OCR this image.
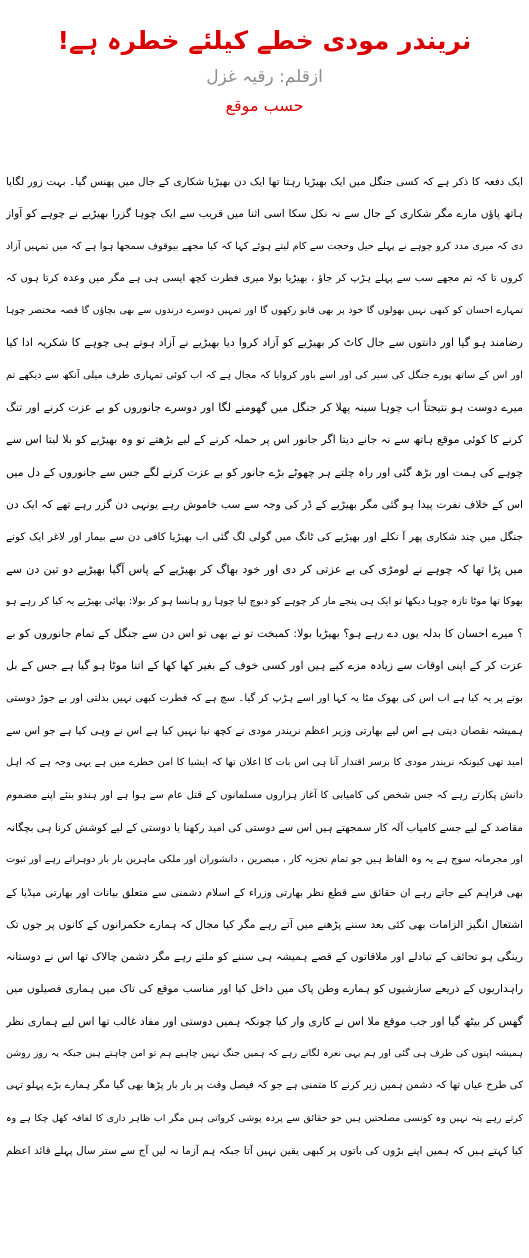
نریندر مودی خطے کیلئے خطرہ ہے!
ازقلم: رقیہ غزل
حسب موقع
ایک دفعہ کا ذکر ہے کہ کسی جنگل میں ایک بھیڑیا رہتا تھا ایک دن بھیڑیا شکاری کے جال میں پھنس گیا۔ بہت زور لگایا
ہاتھ پاؤں مارے مگر شکاری کے جال سے نہ نکل سکا اسی اثنا میں قریب سے ایک چوہا گزرا بھیڑیے نے چوہے کو آواز
دی کہ میری مدد کرو چوہے نے پہلے حیل وحجت سے کام لیتے ہوئے کہا کہ کیا مجھے بیوقوف سمجھا ہوا ہے کہ میں تمہیں آزاد
کروں تا کہ تم مجھے سب سے پہلے ہڑپ کر جاؤ ، بھیڑیا بولا میری فطرت کچھ ایسی ہی ہے مگر میں وعدہ کرتا ہوں کہ
تمہارے احسان کو کبھی نہیں بھولوں گا خود پر بھی قابو رکھوں گا اور تمہیں دوسرے درندوں سے بھی بچاؤں گا قصہ مختصر چوہا
رضامند ہو گیا اور دانتوں سے جال کاٹ کر بھیڑیے کو آزاد کروا دیا بھیڑیے نے آزاد ہوتے ہی چوہے کا شکریہ ادا کیا
اور اس کے ساتھ پورے جنگل کی سیر کی اور اسے باور کروایا کہ مجال ہے کہ اب کوئی تمہاری طرف میلی آنکھ سے دیکھے تم
میرے دوست ہو نتیجتاً اب چوہا سینہ پھلا کر جنگل میں گھومنے لگا اور دوسرے جانوروں کو بے عزت کرنے اور تنگ
کرنے کا کوئی موقع ہاتھ سے نہ جانے دیتا اگر جانور اس پر حملہ کرنے کے لیے بڑھتے تو وہ بھیڑیے کو بلا لیتا اس سے
چوہے کی ہمت اور بڑھ گئی اور راہ چلتے ہر چھوٹے بڑے جانور کو بے عزت کرنے لگے جس سے جانوروں کے دل میں
اس کے خلاف نفرت پیدا ہو گئی مگر بھیڑیے کے ڈر کی وجہ سے سب خاموش رہے یونہی دن گزر رہے تھے کہ ایک دن
جنگل میں چند شکاری پھر آ نکلے اور بھیڑیے کی ٹانگ میں گولی لگ گئی اب بھیڑیا کافی دن سے بیمار اور لاغر ایک کونے
میں پڑا تھا کہ چوہے نے لومڑی کی بے عزتی کر دی اور خود بھاگ کر بھیڑیے کے پاس آگیا بھیڑیے دو تین دن سے
بھوکا تھا موٹا تازہ چوہا دیکھا تو ایک ہی پنجے مار کر چوہے کو دبوچ لیا چوہا رو ہانسا ہو کر بولا: بھائی بھیڑیے یہ کیا کر رہے ہو
؟ میرے احسان کا بدلہ یوں دے رہے ہو؟ بھیڑیا بولا: کمبخت تو نے بھی تو اس دن سے جنگل کے تمام جانوروں کو بے
عزت کر کے اپنی اوقات سے زیادہ مزے کیے ہیں اور کسی خوف کے بغیر کھا کھا کے اتنا موٹا ہو گیا ہے جس کے بل
بوتے پر یہ کیا ہے اب اس کی بھوک مٹا یہ کہا اور اسے ہڑپ کر گیا۔ سچ ہے کہ فطرت کبھی نہیں بدلتی اور بے جوڑ دوستی
ہمیشہ نقصان دیتی ہے اس لیے بھارتی وزیر اعظم نریندر مودی نے کچھ نیا نہیں کیا ہے اس نے وہی کیا ہے جو اس سے
امید تھی کیونکہ نریندر مودی کا برسر اقتدار آنا ہی اس بات کا اعلان تھا کہ ایشیا کا امن خطرے میں ہے یہی وجہ ہے کہ اہل
دانش پکارتے رہے کہ جس شخص کی کامیابی کا آغاز ہزاروں مسلمانوں کے قتل عام سے ہوا ہے اور ہندو بنئے اپنے مضموم
مقاصد کے لیے جسے کامیاب آلہ کار سمجھتے ہیں اس سے دوستی کی امید رکھنا یا دوستی کے لیے کوشش کرنا ہی بچگانہ
اور مجرمانہ سوچ ہے یہ وہ الفاظ ہیں جو تمام تجزیہ کار ، مبصرین ، دانشوران اور ملکی ماہرین بار بار دوہراتے رہے اور ثبوت
بھی فراہم کیے جاتے رہے ان حقائق سے قطع نظر بھارتی وزراء کے اسلام دشمنی سے متعلق بیانات اور بھارتی میڈیا کے
اشتعال انگیز الزامات بھی کئی بعد سننے پڑھنے میں آتے رہے مگر کیا مجال کہ ہمارے حکمرانوں کے کانوں پر جوں تک
رینگی ہو تحائف کے تبادلے اور ملاقاتوں کے قصے ہمیشہ ہی سننے کو ملتے رہے مگر دشمن چالاک تھا اس نے دوستانہ
راہداریوں کے ذریعے سازشیوں کو ہمارے وطن پاک میں داخل کیا اور مناسب موقع کی تاک میں ہماری فصیلوں میں
گھس کر بیٹھ گیا اور جب موقع ملا اس نے کاری وار کیا چونکہ ہمیں دوستی اور مفاد غالب تھا اس لیے ہماری نظر
ہمیشہ اپنوں کی طرف ہی گئی اور ہم یہی نعرہ لگاتے رہے کہ ہمیں جنگ نہیں چاہیے ہم تو امن چاہتے ہیں جبکہ یہ روز روشن
کی طرح عیاں تھا کہ دشمن ہمیں زیر کرنے کا متمنی ہے جو کہ فیصل وقت پر بار بار پڑھا بھی گیا مگر ہمارے بڑے پہلو تہی
کرتے رہے پتہ نہیں وہ کونسی مصلحتیں ہیں جو حقائق سے پردہ پوشی کرواتی ہیں مگر اب ظاہر داری کا لفافہ کھل چکا ہے وہ
کیا کہتے ہیں کہ ہمیں اپنے بڑوں کی باتوں پر کبھی یقین نہیں آتا جبکہ ہم آزما نہ لیں آج سے ستر سال پہلے قائد اعظم
